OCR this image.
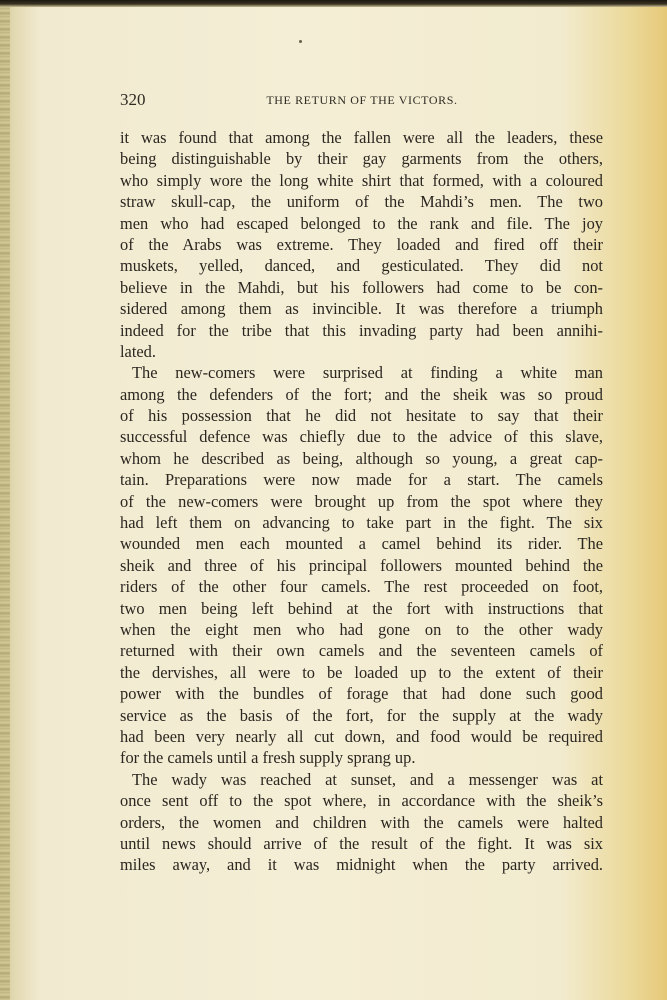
320	THE RETURN OF THE VICTORS.
it was found that among the fallen were all the leaders, these
being distinguishable by their gay garments from the others,
who simply wore the long white shirt that formed, with a coloured
straw skull-cap, the uniform of the Mahdi’s men. The two
men who had escaped belonged to the rank and file. The joy
of the Arabs was extreme. They loaded and fired off their
muskets, yelled, danced, and gesticulated. They did not
believe in the Mahdi, but his followers had come to be con-
sidered among them as invincible. It was therefore a triumph
indeed for the tribe that this invading party had been annihi-
lated.
The new-comers were surprised at finding a white man
among the defenders of the fort; and the sheik was so proud
of his possession that he did not hesitate to say that their
successful defence was chiefly due to the advice of this slave,
whom he described as being, although so young, a great cap-
tain. Preparations were now made for a start. The camels
of the new-comers were brought up from the spot where they
had left them on advancing to take part in the fight. The six
wounded men each mounted a camel behind its rider. The
sheik and three of his principal followers mounted behind the
riders of the other four camels. The rest proceeded on foot,
two men being left behind at the fort with instructions that
when the eight men who had gone on to the other wady
returned with their own camels and the seventeen camels of
the dervishes, all were to be loaded up to the extent of their
power with the bundles of forage that had done such good
service as the basis of the fort, for the supply at the wady
had been very nearly all cut down, and food would be required
for the camels until a fresh supply sprang up.
The wady was reached at sunset, and a messenger was at
once sent off to the spot where, in accordance with the sheik’s
orders, the women and children with the camels were halted
until news should arrive of the result of the fight. It was six
miles away, and it was midnight when the party arrived.
